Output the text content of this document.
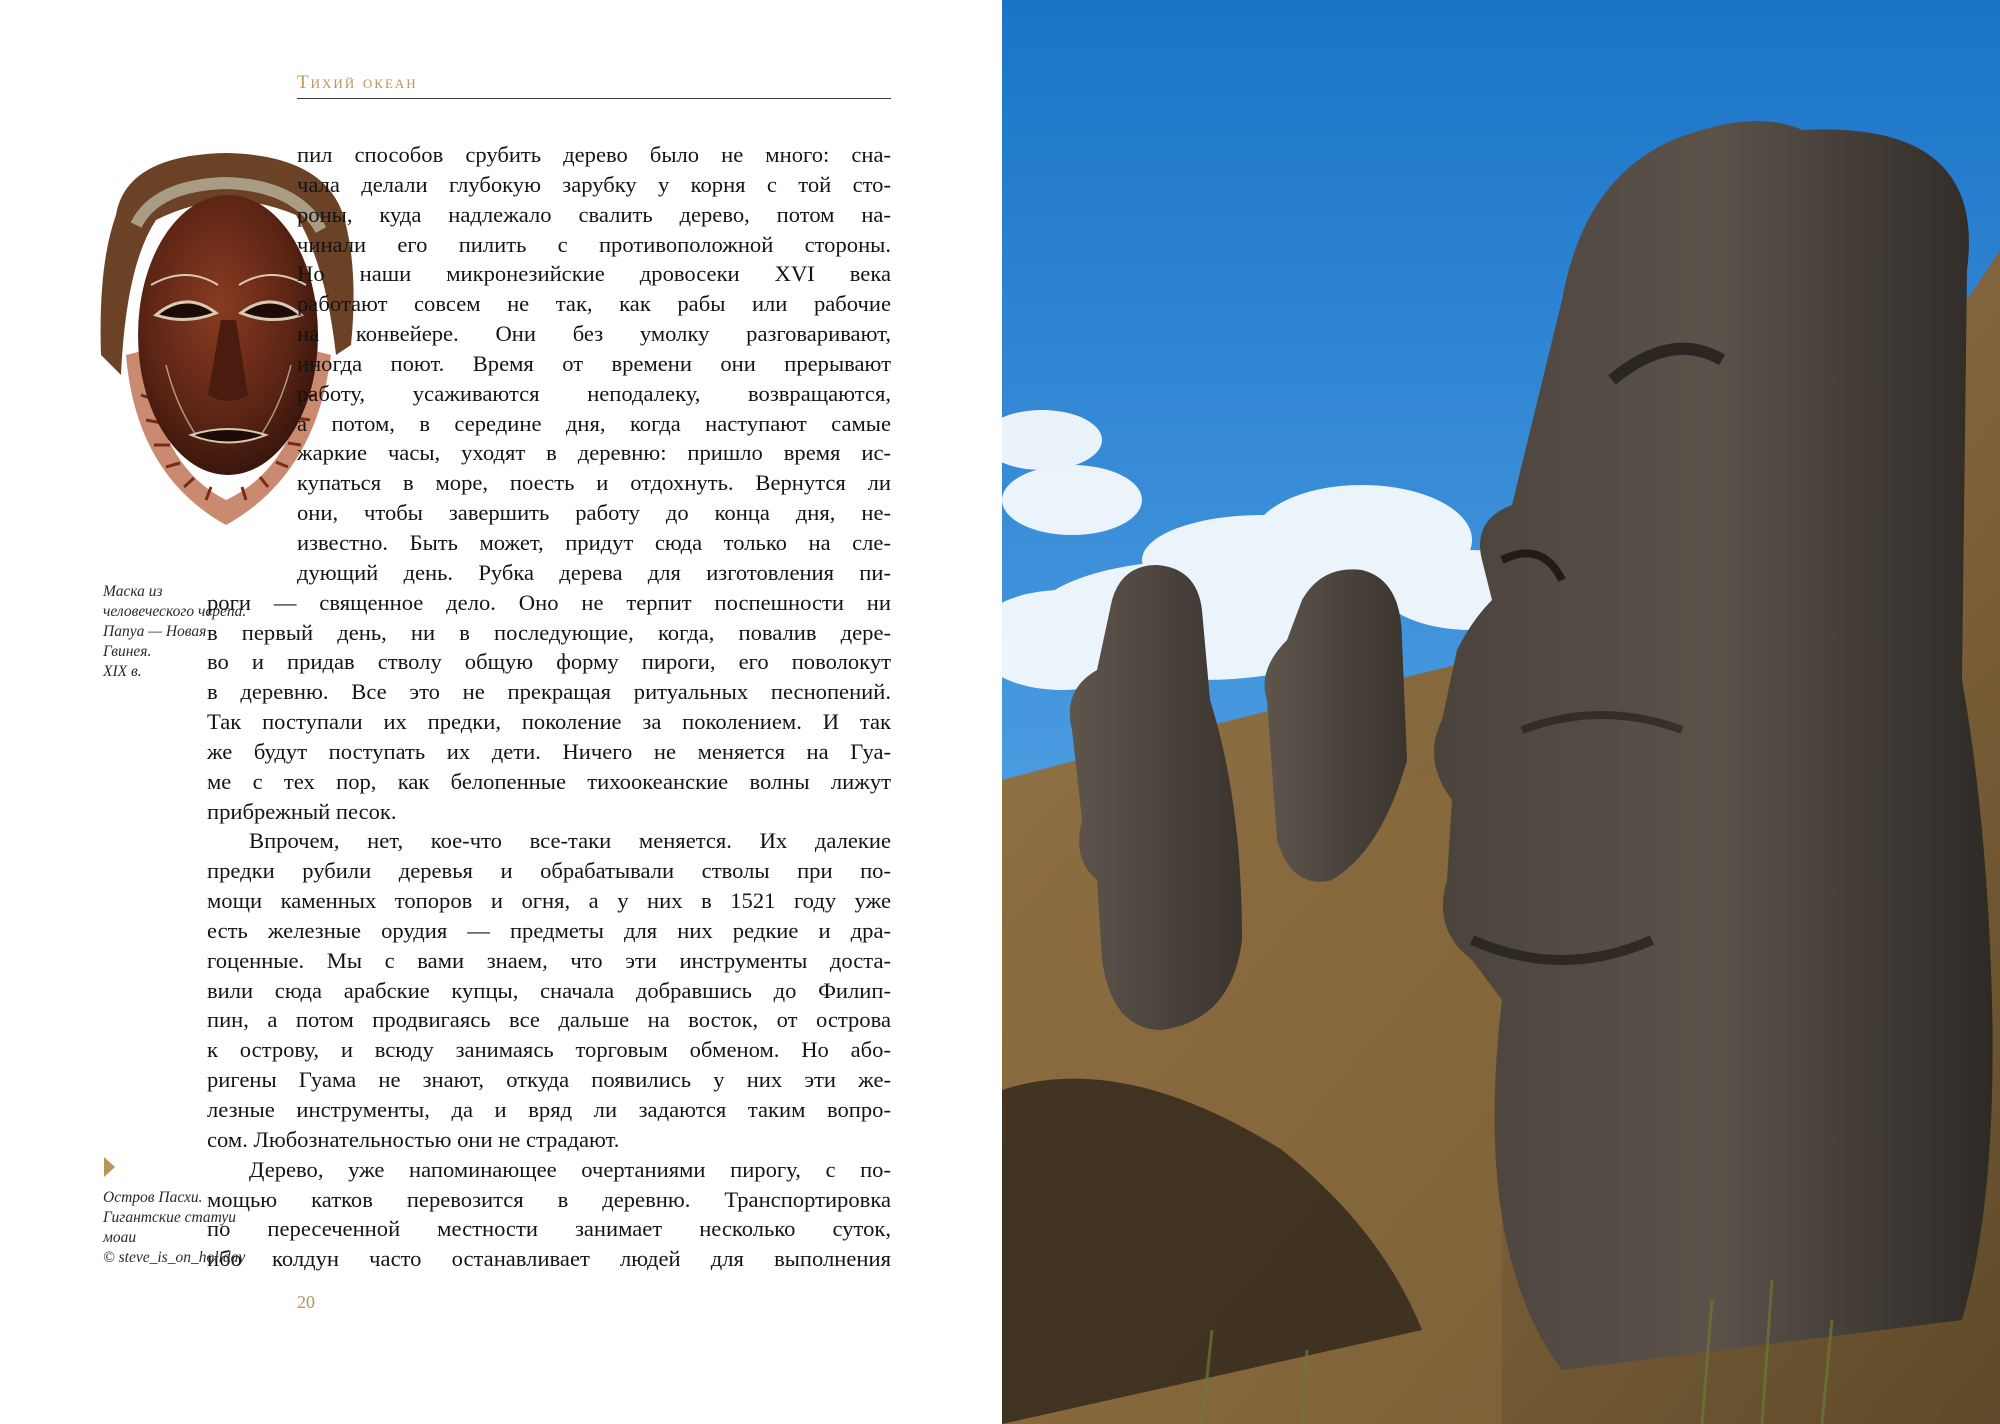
Тихий океан
Маска из
человеческого черепа.
Папуа — Новая
Гвинея.
XIX в.
пил способов срубить дерево было не много: сна-
чала делали глубокую зарубку у корня с той сто-
роны, куда надлежало свалить дерево, потом на-
чинали его пилить с противоположной стороны.
Но наши микронезийские дровосеки XVI века
работают совсем не так, как рабы или рабочие
на конвейере. Они без умолку разговаривают,
иногда поют. Время от времени они прерывают
работу, усаживаются неподалеку, возвращаются,
а потом, в середине дня, когда наступают самые
жаркие часы, уходят в деревню: пришло время ис-
купаться в море, поесть и отдохнуть. Вернутся ли
они, чтобы завершить работу до конца дня, не-
известно. Быть может, придут сюда только на сле-
дующий день. Рубка дерева для изготовления пи-
роги — священное дело. Оно не терпит поспешности ни
в первый день, ни в последующие, когда, повалив дере-
во и придав стволу общую форму пироги, его поволокут
в деревню. Все это не прекращая ритуальных песнопений.
Так поступали их предки, поколение за поколением. И так
же будут поступать их дети. Ничего не меняется на Гуа-
ме с тех пор, как белопенные тихоокеанские волны лижут
прибрежный песок.
Впрочем, нет, кое-что все-таки меняется. Их далекие
предки рубили деревья и обрабатывали стволы при по-
мощи каменных топоров и огня, а у них в 1521 году уже
есть железные орудия — предметы для них редкие и дра-
гоценные. Мы с вами знаем, что эти инструменты доста-
вили сюда арабские купцы, сначала добравшись до Филип-
пин, а потом продвигаясь все дальше на восток, от острова
к острову, и всюду занимаясь торговым обменом. Но або-
ригены Гуама не знают, откуда появились у них эти же-
лезные инструменты, да и вряд ли задаются таким вопро-
сом. Любознательностью они не страдают.
Дерево, уже напоминающее очертаниями пирогу, с по-
мощью катков перевозится в деревню. Транспортировка
по пересеченной местности занимает несколько суток,
ибо колдун часто останавливает людей для выполнения
Остров Пасхи.
Гигантские статуи
моаи
© steve_is_on_holiday
20
